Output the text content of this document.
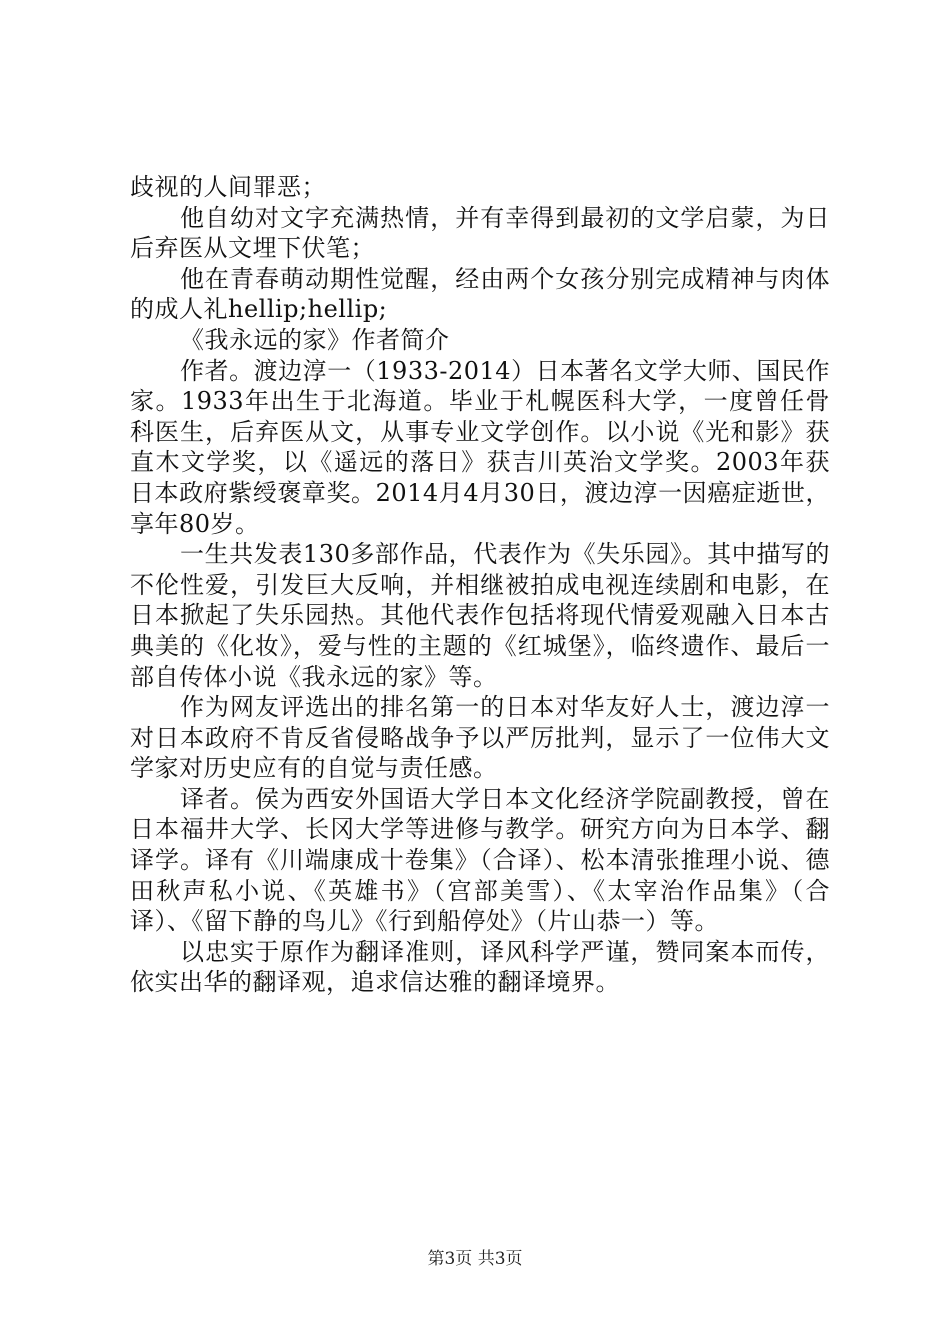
歧视的人间罪恶；

他自幼对文字充满热情，并有幸得到最初的文学启蒙，为日后弃医从文埋下伏笔；

他在青春萌动期性觉醒，经由两个女孩分别完成精神与肉体的成人礼hellip;hellip;

《我永远的家》作者简介

作者。渡边淳一（1933-2014）日本著名文学大师、国民作家。1933年出生于北海道。毕业于札幌医科大学，一度曾任骨科医生，后弃医从文，从事专业文学创作。以小说《光和影》获直木文学奖，以《遥远的落日》获吉川英治文学奖。2003年获日本政府紫绶褒章奖。2014月4月30日，渡边淳一因癌症逝世，享年80岁。

一生共发表130多部作品，代表作为《失乐园》。其中描写的不伦性爱，引发巨大反响，并相继被拍成电视连续剧和电影，在日本掀起了失乐园热。其他代表作包括将现代情爱观融入日本古典美的《化妆》，爱与性的主题的《红城堡》，临终遗作、最后一部自传体小说《我永远的家》等。

作为网友评选出的排名第一的日本对华友好人士，渡边淳一对日本政府不肯反省侵略战争予以严厉批判，显示了一位伟大文学家对历史应有的自觉与责任感。

译者。侯为西安外国语大学日本文化经济学院副教授，曾在日本福井大学、长冈大学等进修与教学。研究方向为日本学、翻译学。译有《川端康成十卷集》（合译）、松本清张推理小说、德田秋声私小说、《英雄书》（宫部美雪）、《太宰治作品集》（合译）、《留下静的鸟儿》《行到船停处》（片山恭一）等。

以忠实于原作为翻译准则，译风科学严谨，赞同案本而传，依实出华的翻译观，追求信达雅的翻译境界。

第3页 共3页
